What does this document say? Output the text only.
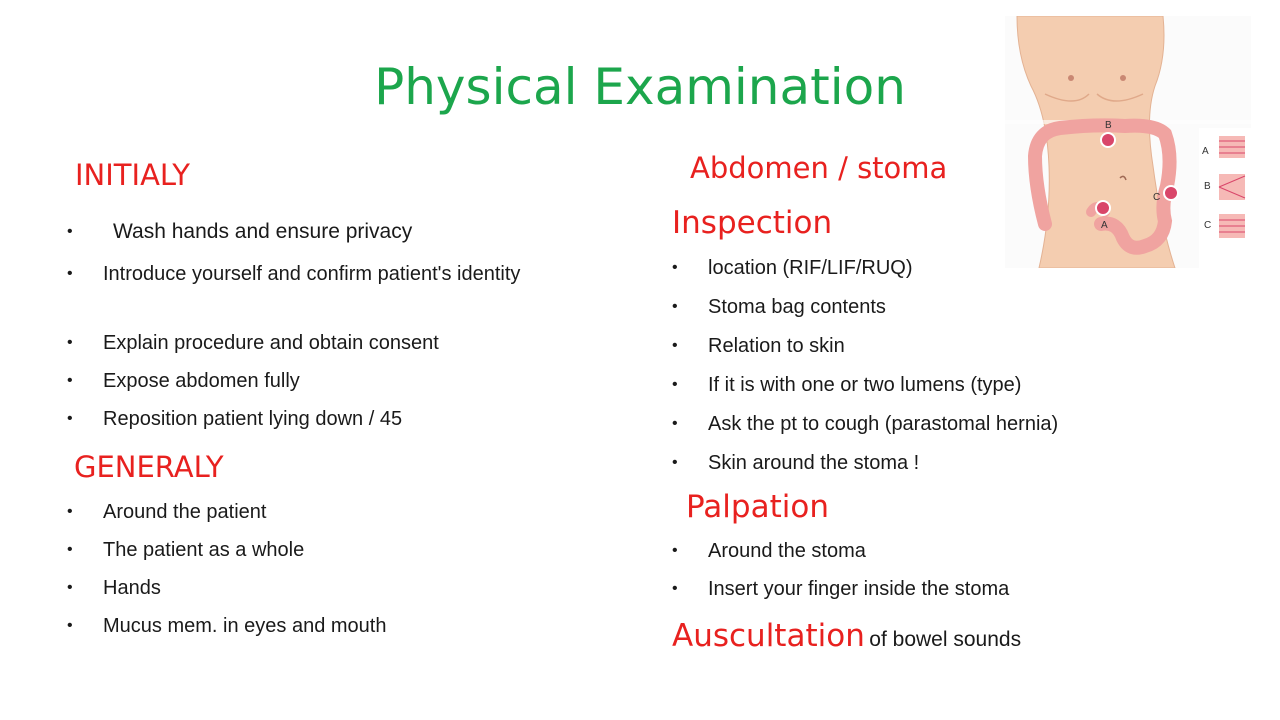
Physical Examination
INITIALY
• Wash hands and ensure privacy
• Introduce yourself and confirm patient's identity
• Explain procedure and obtain consent
• Expose abdomen fully
• Reposition patient lying down / 45
GENERALY
• Around the patient
• The patient as a whole
• Hands
• Mucus mem. in eyes and mouth
Abdomen / stoma
Inspection
• location (RIF/LIF/RUQ)
• Stoma bag contents
• Relation to skin
• If it is with one or two lumens (type)
• Ask the pt to cough (parastomal hernia)
• Skin around the stoma !
Palpation
• Around the stoma
• Insert your finger inside the stoma
Auscultation of bowel sounds
B
A
C
A
B
C
